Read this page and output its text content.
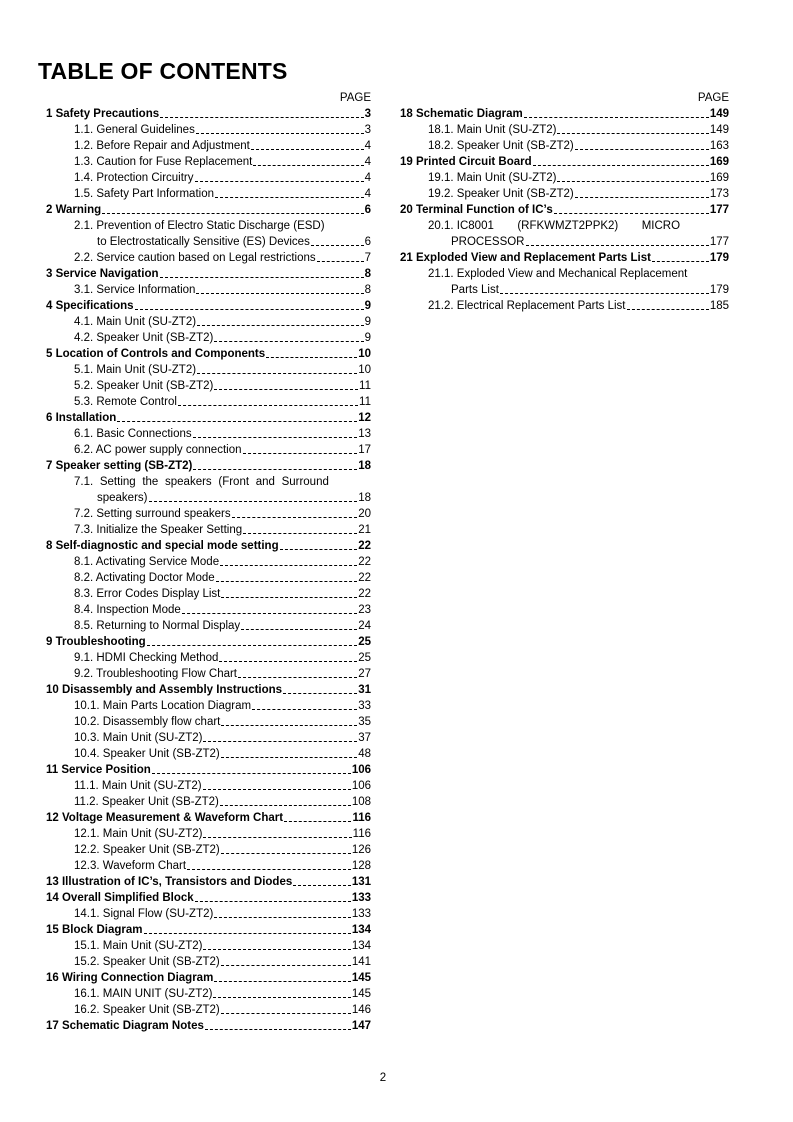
TABLE OF CONTENTS
PAGE
1 Safety Precautions	3
1.1. General Guidelines	3
1.2. Before Repair and Adjustment	4
1.3. Caution for Fuse Replacement	4
1.4. Protection Circuitry	4
1.5. Safety Part Information	4
2 Warning	6
2.1. Prevention of Electro Static Discharge (ESD)
to Electrostatically Sensitive (ES) Devices	6
2.2. Service caution based on Legal restrictions	7
3 Service Navigation	8
3.1. Service Information	8
4 Specifications	9
4.1. Main Unit (SU-ZT2)	9
4.2. Speaker Unit (SB-ZT2)	9
5 Location of Controls and Components	10
5.1. Main Unit (SU-ZT2)	10
5.2. Speaker Unit (SB-ZT2)	11
5.3. Remote Control	11
6 Installation	12
6.1. Basic Connections	13
6.2. AC power supply connection	17
7 Speaker setting (SB-ZT2)	18
7.1. Setting the speakers (Front and Surround
speakers)	18
7.2. Setting surround speakers	20
7.3. Initialize the Speaker Setting	21
8 Self-diagnostic and special mode setting	22
8.1. Activating Service Mode	22
8.2. Activating Doctor Mode	22
8.3. Error Codes Display List	22
8.4. Inspection Mode	23
8.5. Returning to Normal Display	24
9 Troubleshooting	25
9.1. HDMI Checking Method	25
9.2. Troubleshooting Flow Chart	27
10 Disassembly and Assembly Instructions	31
10.1. Main Parts Location Diagram	33
10.2. Disassembly flow chart	35
10.3. Main Unit (SU-ZT2)	37
10.4. Speaker Unit (SB-ZT2)	48
11 Service Position	106
11.1. Main Unit (SU-ZT2)	106
11.2. Speaker Unit (SB-ZT2)	108
12 Voltage Measurement & Waveform Chart	116
12.1. Main Unit (SU-ZT2)	116
12.2. Speaker Unit (SB-ZT2)	126
12.3. Waveform Chart	128
13 Illustration of IC’s, Transistors and Diodes	131
14 Overall Simplified Block	133
14.1. Signal Flow (SU-ZT2)	133
15 Block Diagram	134
15.1. Main Unit (SU-ZT2)	134
15.2. Speaker Unit (SB-ZT2)	141
16 Wiring Connection Diagram	145
16.1. MAIN UNIT (SU-ZT2)	145
16.2. Speaker Unit (SB-ZT2)	146
17 Schematic Diagram Notes	147
PAGE
18 Schematic Diagram	149
18.1. Main Unit (SU-ZT2)	149
18.2. Speaker Unit (SB-ZT2)	163
19 Printed Circuit Board	169
19.1. Main Unit (SU-ZT2)	169
19.2. Speaker Unit (SB-ZT2)	173
20 Terminal Function of IC’s	177
20.1. IC8001 (RFKWMZT2PPK2) MICRO
PROCESSOR	177
21 Exploded View and Replacement Parts List	179
21.1. Exploded View and Mechanical Replacement
Parts List	179
21.2. Electrical Replacement Parts List	185
2
